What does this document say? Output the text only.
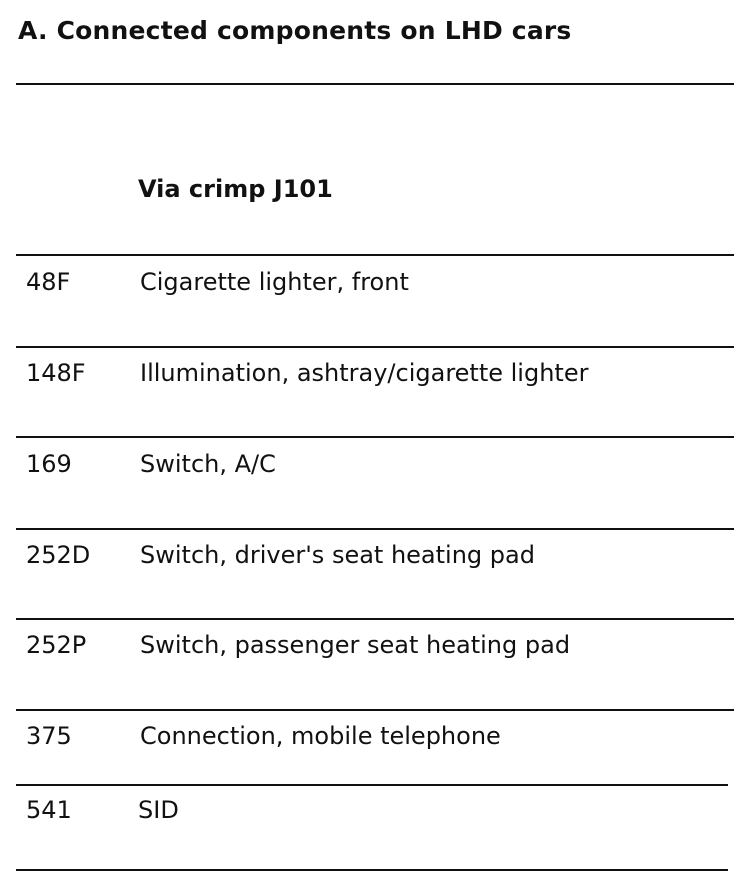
A. Connected components on LHD cars
Via crimp J101
48F	Cigarette lighter, front
148F Illumination, ashtray/cigarette lighter
169	Switch, A/C
252D Switch, driver's seat heating pad
252P Switch, passenger seat heating pad
375	Connection, mobile telephone
541	SID
